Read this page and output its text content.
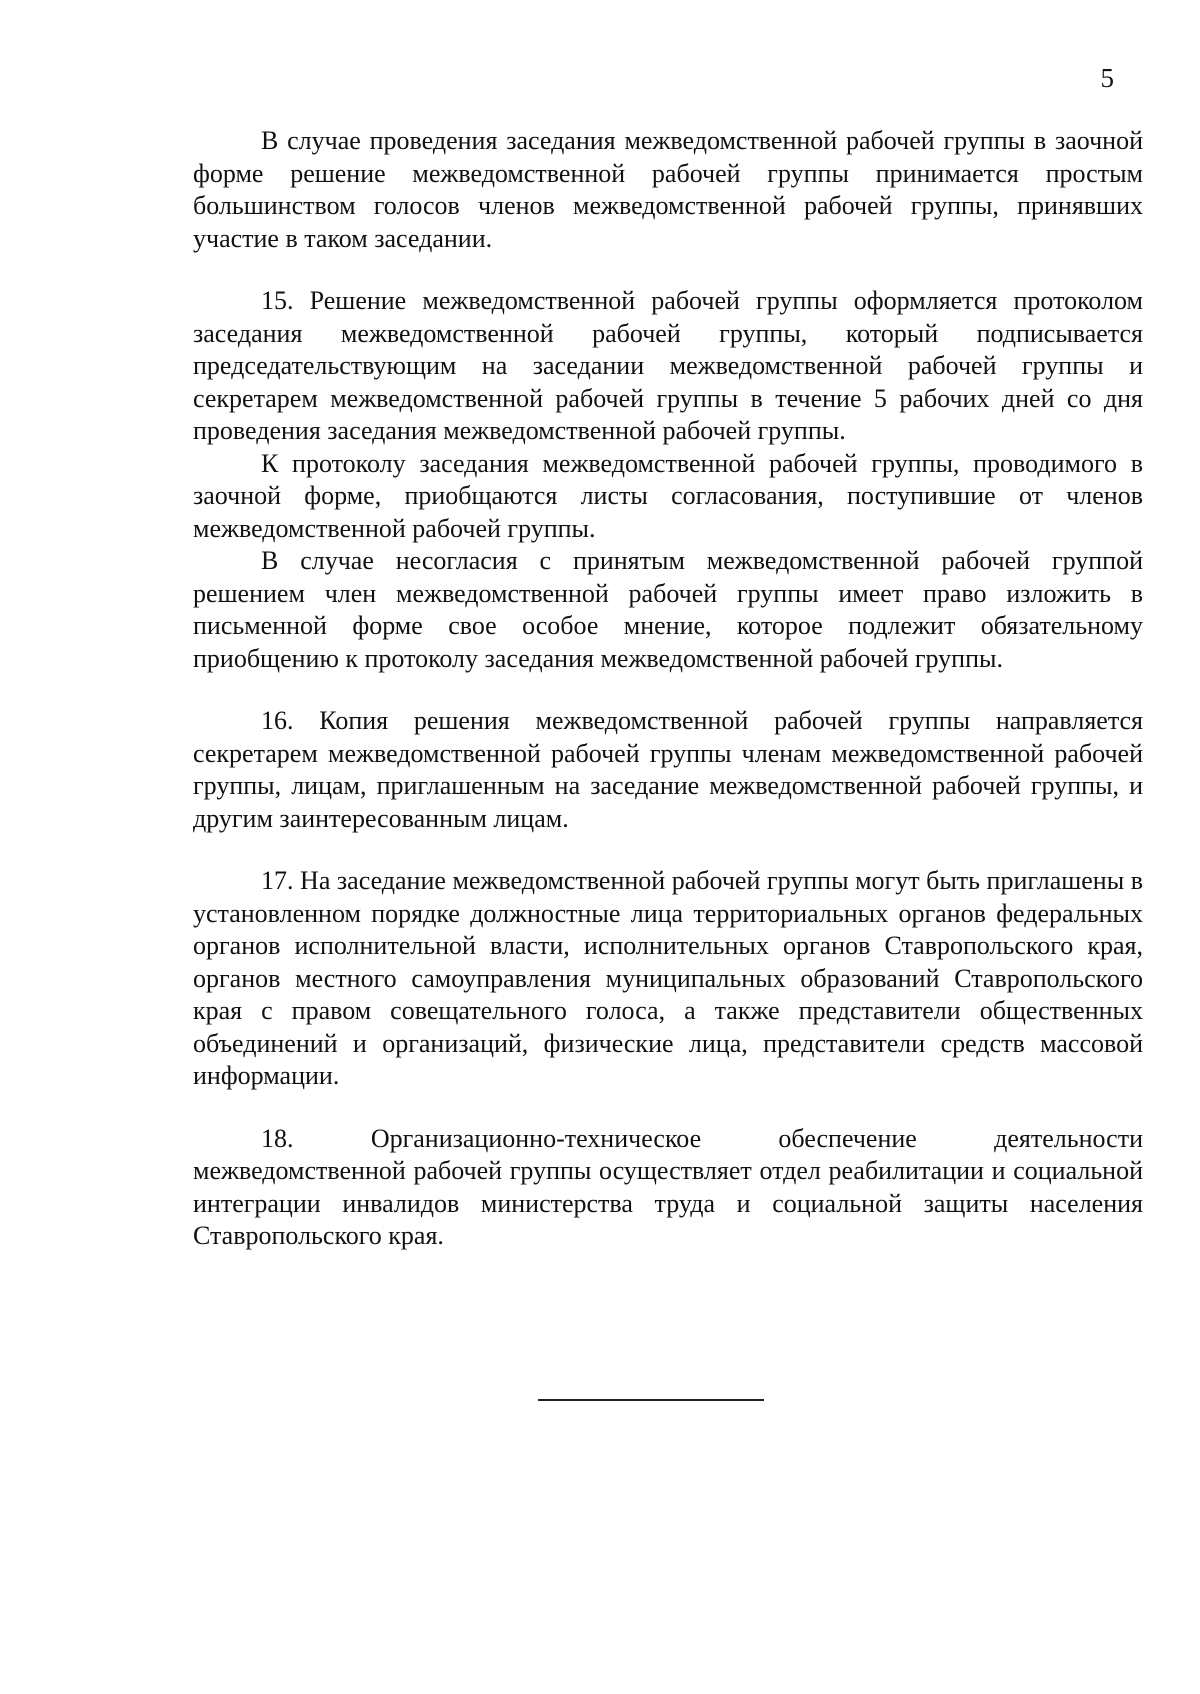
5

В случае проведения заседания межведомственной рабочей группы в заочной форме решение межведомственной рабочей группы принимается простым большинством голосов членов межведомственной рабочей группы, принявших участие в таком заседании.

15. Решение межведомственной рабочей группы оформляется протоколом заседания межведомственной рабочей группы, который подписывается председательствующим на заседании межведомственной рабочей группы и секретарем межведомственной рабочей группы в течение 5 рабочих дней со дня проведения заседания межведомственной рабочей группы.

К протоколу заседания межведомственной рабочей группы, проводимого в заочной форме, приобщаются листы согласования, поступившие от членов межведомственной рабочей группы.

В случае несогласия с принятым межведомственной рабочей группой решением член межведомственной рабочей группы имеет право изложить в письменной форме свое особое мнение, которое подлежит обязательному приобщению к протоколу заседания межведомственной рабочей группы.

16. Копия решения межведомственной рабочей группы направляется секретарем межведомственной рабочей группы членам межведомственной рабочей группы, лицам, приглашенным на заседание межведомственной рабочей группы, и другим заинтересованным лицам.

17. На заседание межведомственной рабочей группы могут быть приглашены в установленном порядке должностные лица территориальных органов федеральных органов исполнительной власти, исполнительных органов Ставропольского края, органов местного самоуправления муниципальных образований Ставропольского края с правом совещательного голоса, а также представители общественных объединений и организаций, физические лица, представители средств массовой информации.

18. Организационно-техническое обеспечение деятельности межведомственной рабочей группы осуществляет отдел реабилитации и социальной интеграции инвалидов министерства труда и социальной защиты населения Ставропольского края.
